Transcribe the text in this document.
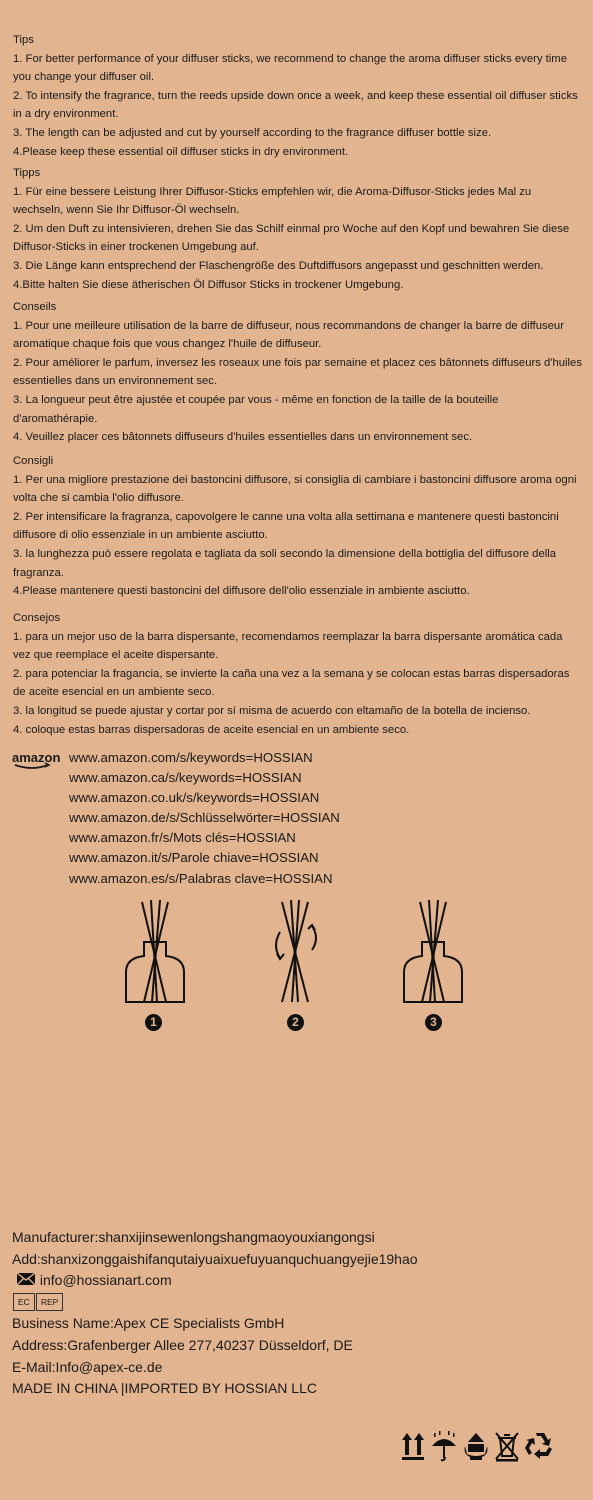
Tips

1. For better performance of your diffuser sticks, we recommend to change the aroma diffuser sticks every time you change your diffuser oil.

2. To intensify the fragrance, turn the reeds upside down once a week, and keep these essential oil diffuser sticks in a dry environment.

3. The length can be adjusted and cut by yourself according to the fragrance diffuser bottle size.

4.Please keep these essential oil diffuser sticks in dry environment.

Tipps

1. Für eine bessere Leistung Ihrer Diffusor-Sticks empfehlen wir, die Aroma-Diffusor-Sticks jedes Mal zu wechseln, wenn Sie Ihr Diffusor-Öl wechseln.

2. Um den Duft zu intensivieren, drehen Sie das Schilf einmal pro Woche auf den Kopf und bewahren Sie diese Diffusor-Sticks in einer trockenen Umgebung auf.

3. Die Länge kann entsprechend der Flaschengröße des Duftdiffusors angepasst und geschnitten werden.

4.Bitte halten Sie diese ätherischen Öl Diffusor Sticks in trockener Umgebung.

Conseils

1. Pour une meilleure utilisation de la barre de diffuseur, nous recommandons de changer la barre de diffuseur aromatique chaque fois que vous changez l'huile de diffuseur.

2. Pour améliorer le parfum, inversez les roseaux une fois par semaine et placez ces bâtonnets diffuseurs d'huiles essentielles dans un environnement sec.

3. La longueur peut être ajustée et coupée par vous - même en fonction de la taille de la bouteille d'aromathérapie.

4. Veuillez placer ces bâtonnets diffuseurs d'huiles essentielles dans un environnement sec.

Consigli

1. Per una migliore prestazione dei bastoncini diffusore, si consiglia di cambiare i bastoncini diffusore aroma ogni volta che si cambia l'olio diffusore.

2. Per intensificare la fragranza, capovolgere le canne una volta alla settimana e mantenere questi bastoncini diffusore di olio essenziale in un ambiente asciutto.

3. la lunghezza può essere regolata e tagliata da soli secondo la dimensione della bottiglia del diffusore della fragranza.

4.Please mantenere questi bastoncini del diffusore dell'olio essenziale in ambiente asciutto.

Consejos

1. para un mejor uso de la barra dispersante, recomendamos reemplazar la barra dispersante aromática cada vez que reemplace el aceite dispersante.

2. para potenciar la fragancia, se invierte la caña una vez a la semana y se colocan estas barras dispersadoras de aceite esencial en un ambiente seco.

3. la longitud se puede ajustar y cortar por sí misma de acuerdo con eltamaño de la botella de incienso.

4. coloque estas barras dispersadoras de aceite esencial en un ambiente seco.

amazon www.amazon.com/s/keywords=HOSSIAN
www.amazon.ca/s/keywords=HOSSIAN
www.amazon.co.uk/s/keywords=HOSSIAN
www.amazon.de/s/Schlüsselwörter=HOSSIAN
www.amazon.fr/s/Mots clés=HOSSIAN
www.amazon.it/s/Parole chiave=HOSSIAN
www.amazon.es/s/Palabras clave=HOSSIAN
1	2	3
Manufacturer:shanxijinsewenlongshangmaoyouxiangongsi
Add:shanxizonggaishifanqutaiyuaixuefuyuanquchuangyejie19hao
info@hossianart.com
EC	REP
Business Name:Apex CE Specialists GmbH
Address:Grafenberger Allee 277,40237 Düsseldorf, DE
E-Mail:Info@apex-ce.de
MADE IN CHINA |IMPORTED BY HOSSIAN LLC
